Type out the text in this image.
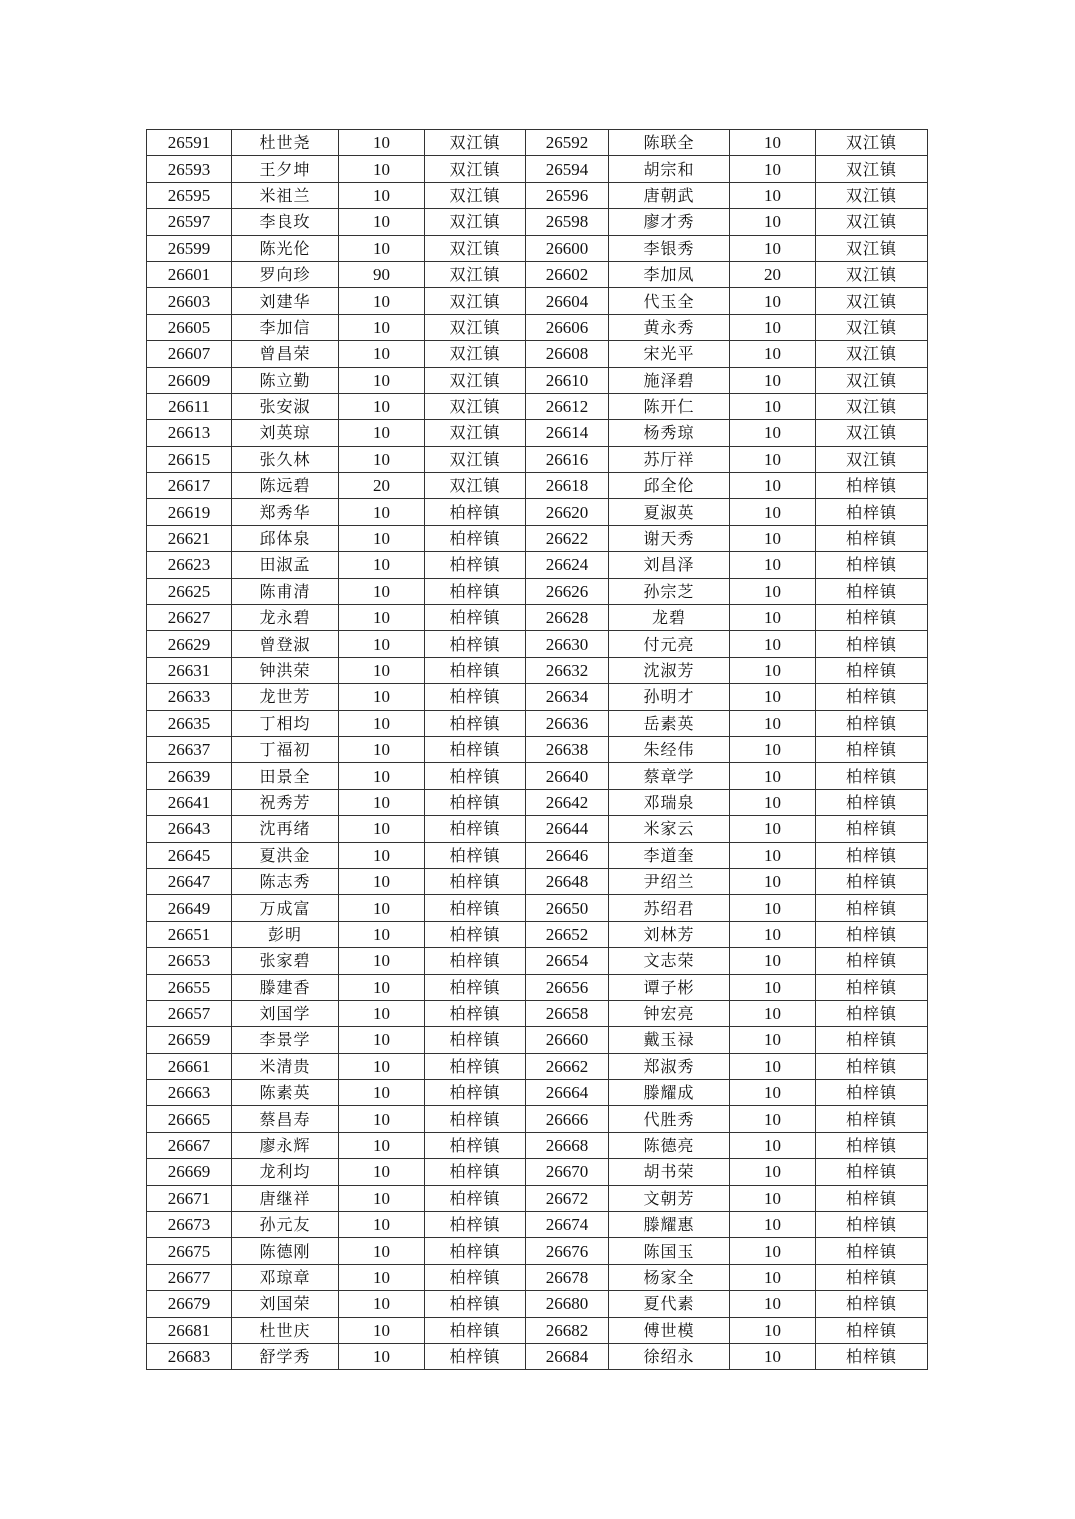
26591	杜世尧	10	双江镇	26592	陈联全	10	双江镇
26593	王夕坤	10	双江镇	26594	胡宗和	10	双江镇
26595	米祖兰	10	双江镇	26596	唐朝武	10	双江镇
26597	李良玫	10	双江镇	26598	廖才秀	10	双江镇
26599	陈光伦	10	双江镇	26600	李银秀	10	双江镇
26601	罗向珍	90	双江镇	26602	李加凤	20	双江镇
26603	刘建华	10	双江镇	26604	代玉全	10	双江镇
26605	李加信	10	双江镇	26606	黄永秀	10	双江镇
26607	曾昌荣	10	双江镇	26608	宋光平	10	双江镇
26609	陈立勤	10	双江镇	26610	施泽碧	10	双江镇
26611	张安淑	10	双江镇	26612	陈开仁	10	双江镇
26613	刘英琼	10	双江镇	26614	杨秀琼	10	双江镇
26615	张久林	10	双江镇	26616	苏厅祥	10	双江镇
26617	陈远碧	20	双江镇	26618	邱全伦	10	柏梓镇
26619	郑秀华	10	柏梓镇	26620	夏淑英	10	柏梓镇
26621	邱体泉	10	柏梓镇	26622	谢天秀	10	柏梓镇
26623	田淑孟	10	柏梓镇	26624	刘昌泽	10	柏梓镇
26625	陈甫清	10	柏梓镇	26626	孙宗芝	10	柏梓镇
26627	龙永碧	10	柏梓镇	26628	龙碧	10	柏梓镇
26629	曾登淑	10	柏梓镇	26630	付元亮	10	柏梓镇
26631	钟洪荣	10	柏梓镇	26632	沈淑芳	10	柏梓镇
26633	龙世芳	10	柏梓镇	26634	孙明才	10	柏梓镇
26635	丁相均	10	柏梓镇	26636	岳素英	10	柏梓镇
26637	丁福初	10	柏梓镇	26638	朱经伟	10	柏梓镇
26639	田景全	10	柏梓镇	26640	蔡章学	10	柏梓镇
26641	祝秀芳	10	柏梓镇	26642	邓瑞泉	10	柏梓镇
26643	沈再绪	10	柏梓镇	26644	米家云	10	柏梓镇
26645	夏洪金	10	柏梓镇	26646	李道奎	10	柏梓镇
26647	陈志秀	10	柏梓镇	26648	尹绍兰	10	柏梓镇
26649	万成富	10	柏梓镇	26650	苏绍君	10	柏梓镇
26651	彭明	10	柏梓镇	26652	刘林芳	10	柏梓镇
26653	张家碧	10	柏梓镇	26654	文志荣	10	柏梓镇
26655	滕建香	10	柏梓镇	26656	谭子彬	10	柏梓镇
26657	刘国学	10	柏梓镇	26658	钟宏亮	10	柏梓镇
26659	李景学	10	柏梓镇	26660	戴玉禄	10	柏梓镇
26661	米清贵	10	柏梓镇	26662	郑淑秀	10	柏梓镇
26663	陈素英	10	柏梓镇	26664	滕耀成	10	柏梓镇
26665	蔡昌寿	10	柏梓镇	26666	代胜秀	10	柏梓镇
26667	廖永辉	10	柏梓镇	26668	陈德亮	10	柏梓镇
26669	龙利均	10	柏梓镇	26670	胡书荣	10	柏梓镇
26671	唐继祥	10	柏梓镇	26672	文朝芳	10	柏梓镇
26673	孙元友	10	柏梓镇	26674	滕耀惠	10	柏梓镇
26675	陈德刚	10	柏梓镇	26676	陈国玉	10	柏梓镇
26677	邓琼章	10	柏梓镇	26678	杨家全	10	柏梓镇
26679	刘国荣	10	柏梓镇	26680	夏代素	10	柏梓镇
26681	杜世庆	10	柏梓镇	26682	傅世模	10	柏梓镇
26683	舒学秀	10	柏梓镇	26684	徐绍永	10	柏梓镇
